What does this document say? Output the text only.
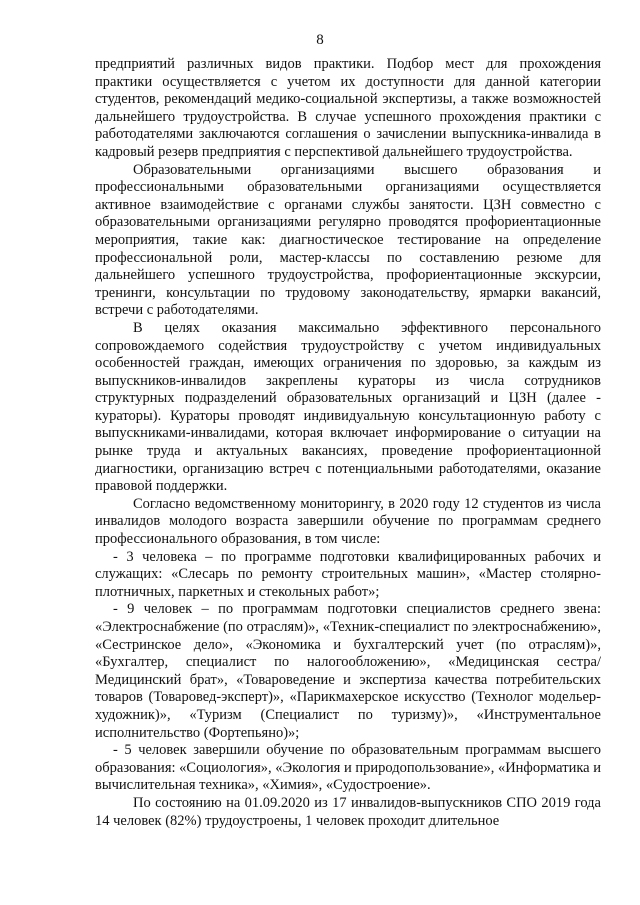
8

предприятий различных видов практики. Подбор мест для прохождения практики осуществляется с учетом их доступности для данной категории студентов, рекомендаций медико-социальной экспертизы, а также возможностей дальнейшего трудоустройства. В случае успешного прохождения практики с работодателями заключаются соглашения о зачислении выпускника-инвалида в кадровый резерв предприятия с перспективой дальнейшего трудоустройства.

Образовательными организациями высшего образования и профессиональными образовательными организациями осуществляется активное взаимодействие с органами службы занятости. ЦЗН совместно с образовательными организациями регулярно проводятся профориентационные мероприятия, такие как: диагностическое тестирование на определение профессиональной роли, мастер-классы по составлению резюме для дальнейшего успешного трудоустройства, профориентационные экскурсии, тренинги, консультации по трудовому законодательству, ярмарки вакансий, встречи с работодателями.

В целях оказания максимально эффективного персонального сопровождаемого содействия трудоустройству с учетом индивидуальных особенностей граждан, имеющих ограничения по здоровью, за каждым из выпускников-инвалидов закреплены кураторы из числа сотрудников структурных подразделений образовательных организаций и ЦЗН (далее - кураторы). Кураторы проводят индивидуальную консультационную работу с выпускниками-инвалидами, которая включает информирование о ситуации на рынке труда и актуальных вакансиях, проведение профориентационной диагностики, организацию встреч с потенциальными работодателями, оказание правовой поддержки.

Согласно ведомственному мониторингу, в 2020 году 12 студентов из числа инвалидов молодого возраста завершили обучение по программам среднего профессионального образования, в том числе:

- 3 человека – по программе подготовки квалифицированных рабочих и служащих: «Слесарь по ремонту строительных машин», «Мастер столярно-плотничных, паркетных и стекольных работ»;

- 9 человек – по программам подготовки специалистов среднего звена: «Электроснабжение (по отраслям)», «Техник-специалист по электроснабжению», «Сестринское дело», «Экономика и бухгалтерский учет (по отраслям)», «Бухгалтер, специалист по налогообложению», «Медицинская сестра/Медицинский брат», «Товароведение и экспертиза качества потребительских товаров (Товаровед-эксперт)», «Парикмахерское искусство (Технолог модельер-художник)», «Туризм (Специалист по туризму)», «Инструментальное исполнительство (Фортепьяно)»;

- 5 человек завершили обучение по образовательным программам высшего образования: «Социология», «Экология и природопользование», «Информатика и вычислительная техника», «Химия», «Судостроение».

По состоянию на 01.09.2020 из 17 инвалидов-выпускников СПО 2019 года 14 человек (82%) трудоустроены, 1 человек проходит длительное
